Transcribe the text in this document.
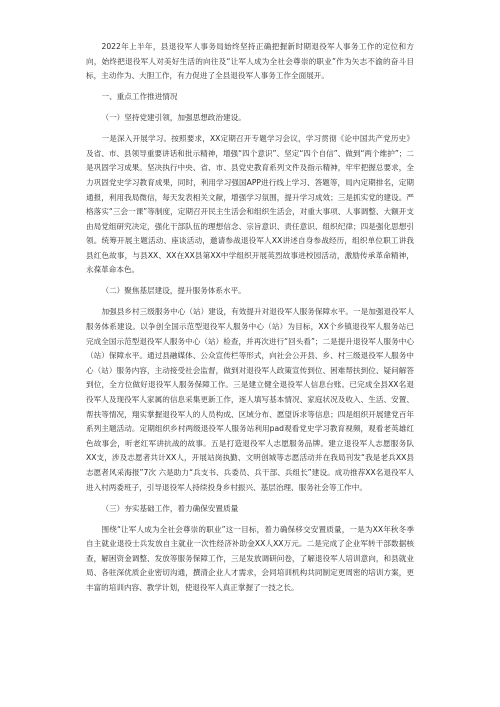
2022年上半年，县退役军人事务局始终坚持正确把握新时期退役军人事务工作的定位和方向，始终把退役军人对美好生活的向往及“让军人成为全社会尊崇的职业”作为矢志不渝的奋斗目标，主动作为、大胆工作，有力促进了全县退役军人事务工作全面展开。

一、重点工作推进情况

（一）坚持党建引领，加强思想政治建设。

一是深入开展学习。按照要求，XX定期召开专题学习会议，学习贯彻《论中国共产党历史》及省、市、县领导重要讲话和批示精神，增强“四个意识”、坚定“四个自信”、做到“两个维护”；二是巩固学习成果。坚决执行中央、省、市、县党史教育系列文件及指示精神，牢牢把握总要求，全力巩固党史学习教育成果，同时，利用学习强国APP进行线上学习、答题等，局内定期排名，定期通报，利用我局微信，每天发表相关文献，增强学习氛围，提升学习成效；三是抓实党的建设。严格落实“三会一课”等制度，定期召开民主生活会和组织生活会，对重大事项、人事调整、大额开支由局党组研究决定，强化干部队伍的理想信念、宗旨意识、责任意识、组织纪律；四是强化思想引领。统筹开展主题活动、座谈活动，邀请参战退役军人XX讲述自身参战经历，组织单位职工讲我县红色故事，与县XX、XX在XX县第XX中学组织开展英烈故事进校园活动，激励传承革命精神，永葆革命本色。

（二）聚焦基层建设，提升服务体系水平。

加强县乡村三级服务中心（站）建设，有效提升对退役军人服务保障水平。一是加强退役军人服务体系建设。以争创全国示范型退役军人服务中心（站）为目标，XX个乡镇退役军人服务站已完成全国示范型退役军人服务中心（站）检查，并再次进行“回头看”；二是提升退役军人服务中心（站）保障水平。通过县融媒体、公众宣传栏等形式，向社会公开县、乡、村三级退役军人服务中心（站）服务内容，主动接受社会监督，做到对退役军人政策宣传到位、困难帮扶到位、疑问解答到位，全方位做好退役军人服务保障工作。三是建立健全退役军人信息台账。已完成全县XX名退役军人及现役军人家属的信息采集更新工作，逐人填写基本情况、家庭状况及收入、生活、安置、帮扶等情况，翔实掌握退役军人的人员构成、区域分布、愿望诉求等信息；四是组织开展建党百年系列主题活动。定期组织乡村两级退役军人服务站利用pad观看党史学习教育视频，观看老英雄红色故事会，听老红军讲抗战的故事。五是打造退役军人志愿服务品牌。建立退役军人志愿服务队XX支，涉及志愿者共计XX人，开展站岗执勤、文明创城等志愿活动并在我局刊发“我是老兵XX县志愿者风采海报”7次 六是助力“兵支书、兵委员、兵干部、兵组长”建设。成功推荐XX名退役军人进入村两委班子，引导退役军人持续投身乡村振兴、基层治理、服务社会等工作中。

（三）夯实基础工作，着力确保安置质量

围绕“让军人成为全社会尊崇的职业”这一目标，着力确保移交安置质量，一是为XX年秋冬季自主就业退役士兵发放自主就业一次性经济补助金XX人XX万元。二是完成了企业军转干部数据核查，解困资金调整、发放等服务保障工作，三是发放调研问卷，了解退役军人培训意向，和县就业局、各驻深优质企业密切沟通，撰清企业人才需求，会同培训机构共同制定更周密的培训方案，更丰富的培训内容、教学计划，使退役军人真正掌握了一技之长。
